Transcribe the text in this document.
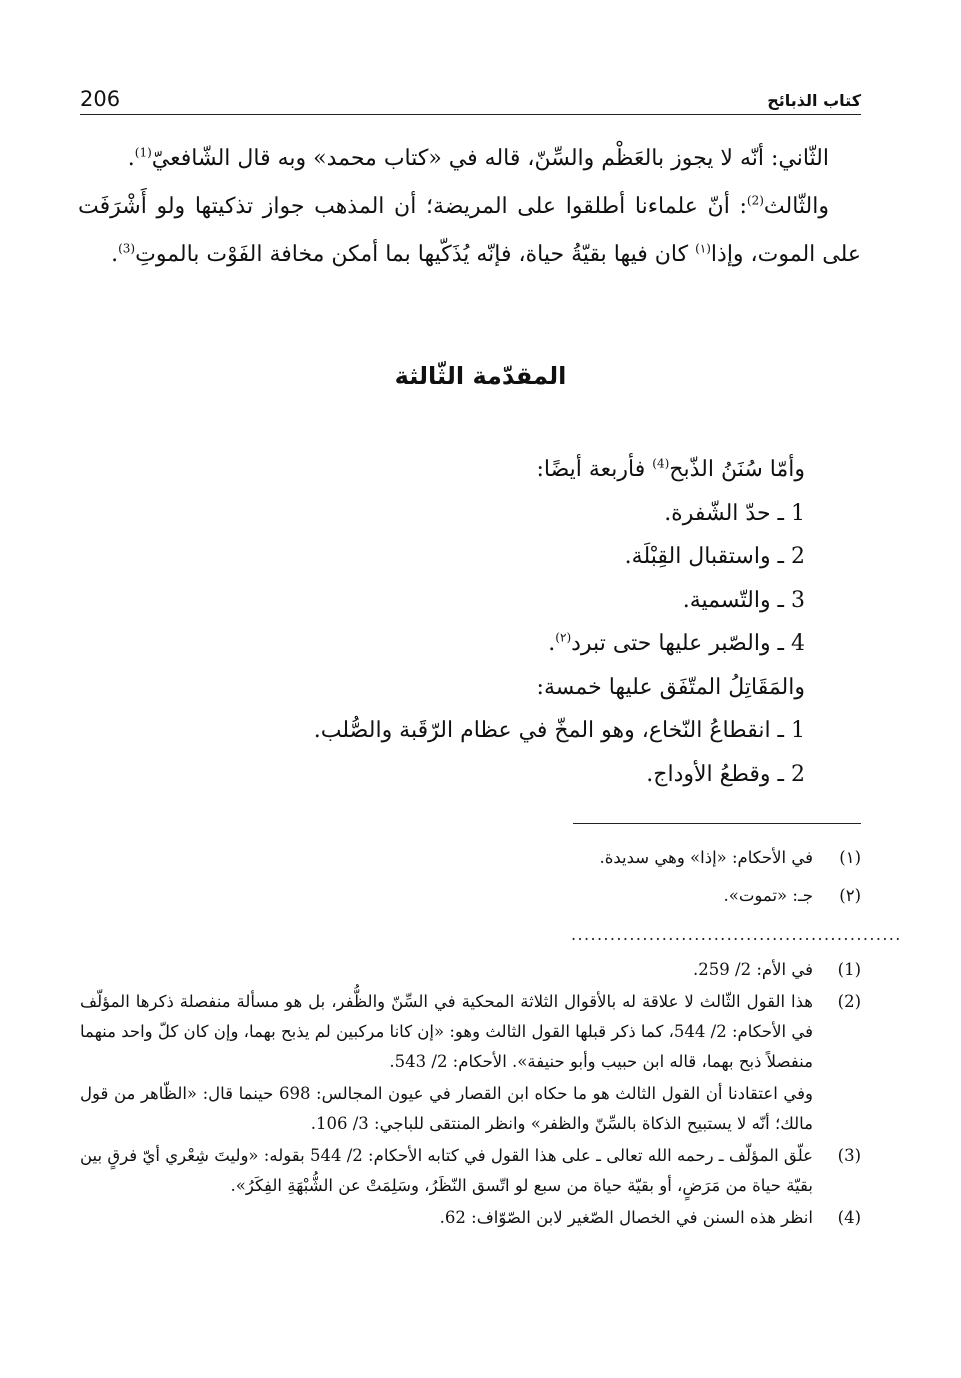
206	كتاب الذبائح

الثّاني: أنّه لا يجوز بالعَظْم والسِّنّ، قاله في «كتاب محمد» وبه قال الشّافعيّ$^{(1)}$.

والثّالث$^{(2)}$: أنّ علماءنا أطلقوا على المريضة؛ أن المذهب جواز تذكيتها ولو أَشْرَفَت على الموت، وإذا$^{(١)}$ كان فيها بقيّةُ حياة، فإنّه يُذَكّيها بما أمكن مخافة الفَوْت بالموتِ$^{(3)}$.

المقدّمة الثّالثة

وأمّا سُنَنُ الذّبح$^{(4)}$ فأربعة أيضًا:

1 ـ حدّ الشّفرة.

2 ـ واستقبال القِبْلَة.

3 ـ والتّسمية.

4 ـ والصّبر عليها حتى تبرد$^{(٢)}$.

والمَقَاتِلُ المتّفَق عليها خمسة:

1 ـ انقطاعُ النّخاع، وهو المخّ في عظام الرّقَبة والصُّلب.

2 ـ وقطعُ الأوداج.

(١)
في الأحكام: «إذا» وهي سديدة.
(٢)
جـ: «تموت».
...................................................
(1)
في الأم: 2/ 259.
(2)
هذا القول الثّالث لا علاقة له بالأقوال الثلاثة المحكية في السِّنّ والظُّفر، بل هو مسألة منفصلة ذكرها المؤلّف في الأحكام: 2/ 544، كما ذكر قبلها القول الثالث وهو: «إن كانا مركبين لم يذبح بهما، وإن كان كلّ واحد منهما منفصلاً ذبح بهما، قاله ابن حبيب وأبو حنيفة». الأحكام: 2/ 543.
وفي اعتقادنا أن القول الثالث هو ما حكاه ابن القصار في عيون المجالس: 698 حينما قال: «الظّاهر من قول مالك؛ أنّه لا يستبيح الذكاة بالسِّنّ والظفر» وانظر المنتقى للباجي: 3/ 106.
(3)
علّق المؤلّف ـ رحمه الله تعالى ـ على هذا القول في كتابه الأحكام: 2/ 544 بقوله: «وليتَ شِعْري أيّ فرقٍ بين بقيّة حياة من مَرَضٍ، أو بقيّة حياة من سبع لو اتّسق النّظَرُ، وسَلِمَتْ عن الشُّبْهَةِ الفِكَرُ».
(4)
انظر هذه السنن في الخصال الصّغير لابن الصّوّاف: 62.
